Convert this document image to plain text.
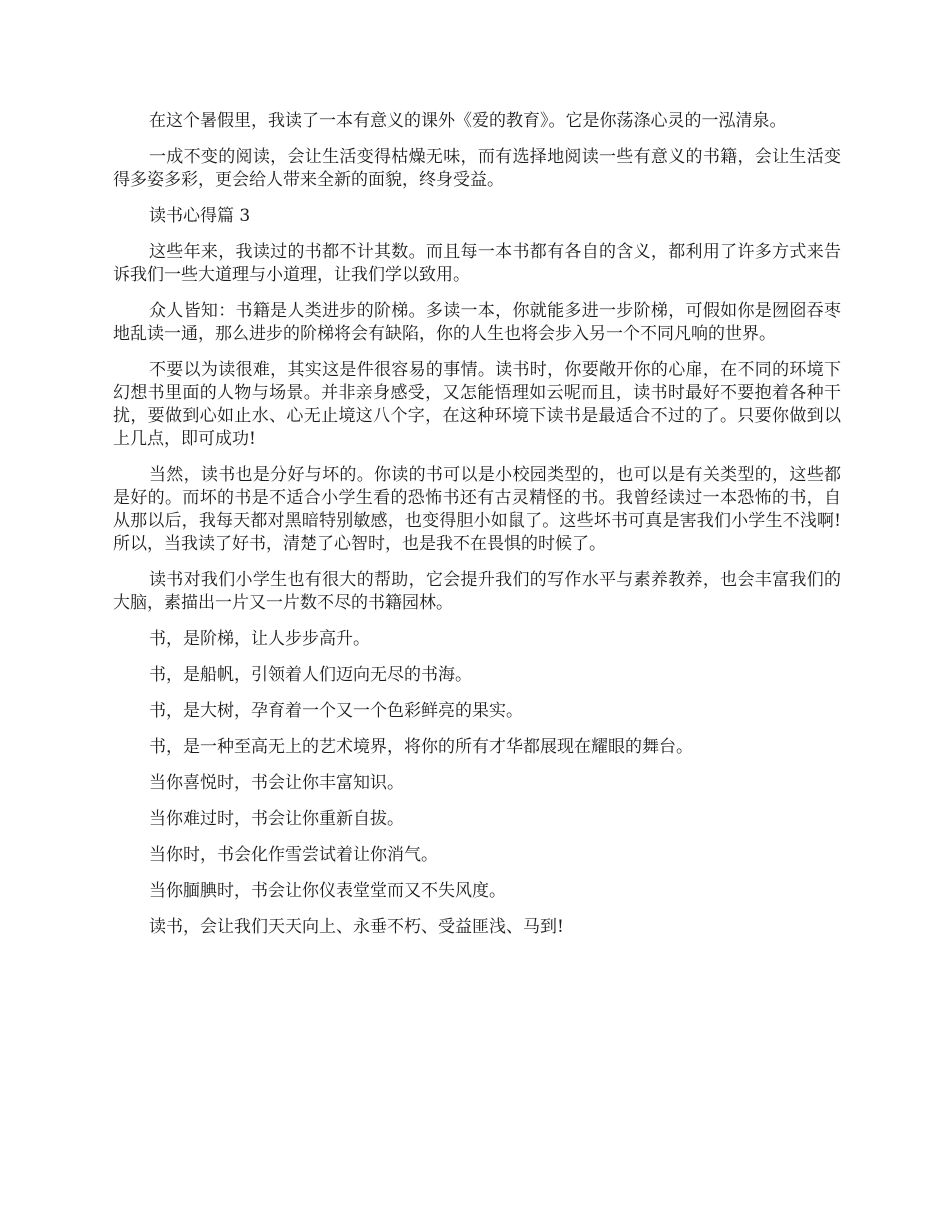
在这个暑假里，我读了一本有意义的课外《爱的教育》。它是你荡涤心灵的一泓清泉。

一成不变的阅读，会让生活变得枯燥无味，而有选择地阅读一些有意义的书籍，会让生活变得多姿多彩，更会给人带来全新的面貌，终身受益。

读书心得篇 3

这些年来，我读过的书都不计其数。而且每一本书都有各自的含义，都利用了许多方式来告诉我们一些大道理与小道理，让我们学以致用。

众人皆知：书籍是人类进步的阶梯。多读一本，你就能多进一步阶梯，可假如你是囫囵吞枣地乱读一通，那么进步的阶梯将会有缺陷，你的人生也将会步入另一个不同凡响的世界。

不要以为读很难，其实这是件很容易的事情。读书时，你要敞开你的心扉，在不同的环境下幻想书里面的人物与场景。并非亲身感受，又怎能悟理如云呢而且，读书时最好不要抱着各种干扰，要做到心如止水、心无止境这八个字，在这种环境下读书是最适合不过的了。只要你做到以上几点，即可成功!

当然，读书也是分好与坏的。你读的书可以是小校园类型的，也可以是有关类型的，这些都是好的。而坏的书是不适合小学生看的恐怖书还有古灵精怪的书。我曾经读过一本恐怖的书，自从那以后，我每天都对黑暗特别敏感，也变得胆小如鼠了。这些坏书可真是害我们小学生不浅啊!所以，当我读了好书，清楚了心智时，也是我不在畏惧的时候了。

读书对我们小学生也有很大的帮助，它会提升我们的写作水平与素养教养，也会丰富我们的大脑，素描出一片又一片数不尽的书籍园林。

书，是阶梯，让人步步高升。

书，是船帆，引领着人们迈向无尽的书海。

书，是大树，孕育着一个又一个色彩鲜亮的果实。

书，是一种至高无上的艺术境界，将你的所有才华都展现在耀眼的舞台。

当你喜悦时，书会让你丰富知识。

当你难过时，书会让你重新自拔。

当你时，书会化作雪尝试着让你消气。

当你腼腆时，书会让你仪表堂堂而又不失风度。

读书，会让我们天天向上、永垂不朽、受益匪浅、马到!
